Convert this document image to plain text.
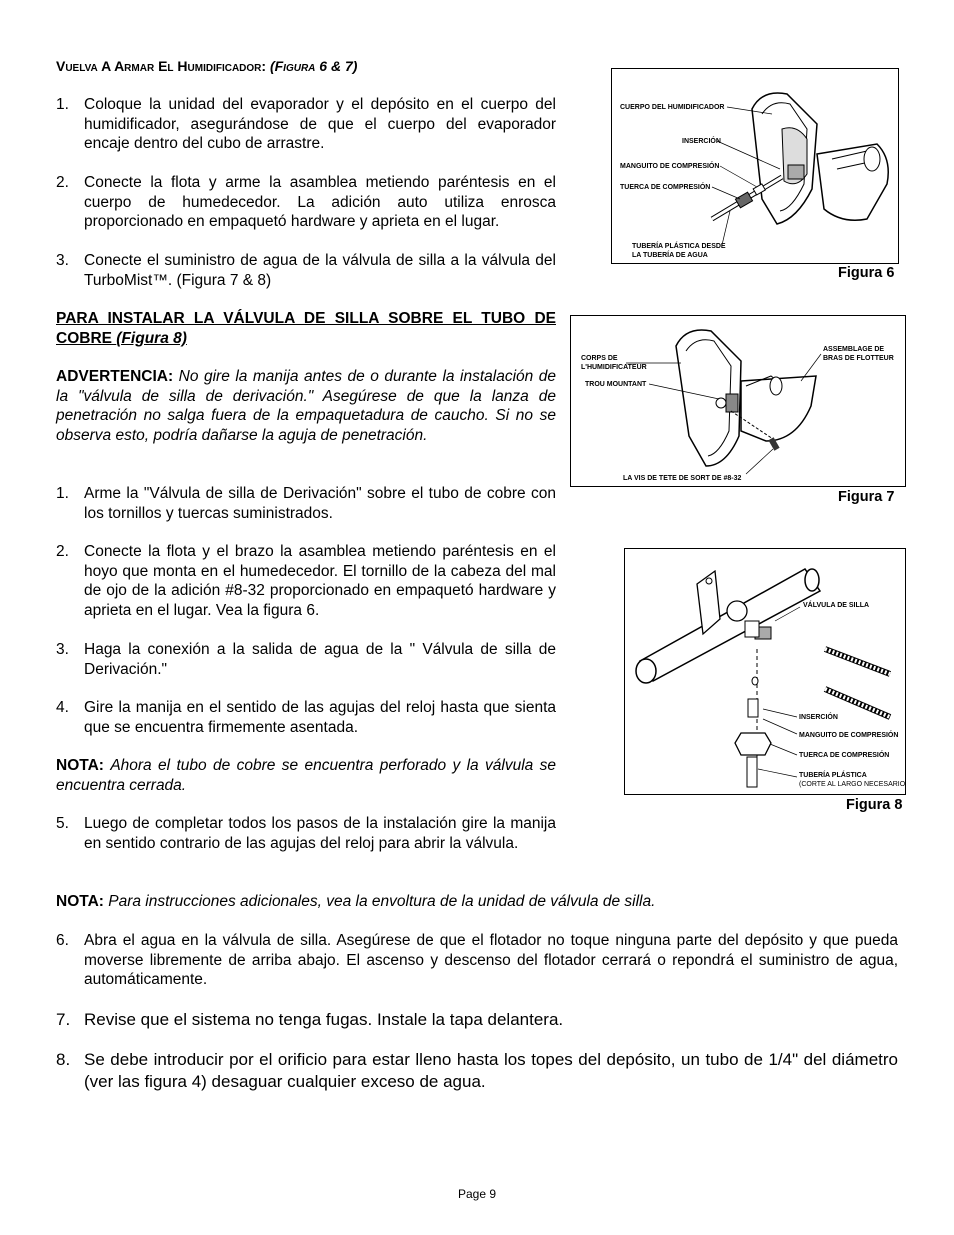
Vuelva A Armar El Humidificador: (Figura 6 & 7)
1. Coloque la unidad del evaporador y el depósito en el cuerpo del humidificador, asegurándose de que el cuerpo del evaporador encaje dentro del cubo de arrastre.
2. Conecte la flota y arme la asamblea metiendo paréntesis en el cuerpo de humedecedor. La adición auto utiliza enrosca proporcionado en empaquetó hardware y aprieta en el lugar.
3. Conecte el suministro de agua de la válvula de silla a la válvula del TurboMist™. (Figura 7 & 8)
PARA INSTALAR LA VÁLVULA DE SILLA SOBRE EL TUBO DE COBRE (Figura 8)
ADVERTENCIA: No gire la manija antes de o durante la instalación de la "válvula de silla de derivación." Asegúrese de que la lanza de penetración no salga fuera de la empaquetadura de caucho. Si no se observa esto, podría dañarse la aguja de penetración.
1. Arme la "Válvula de silla de Derivación" sobre el tubo de cobre con los tornillos y tuercas suministrados.
2. Conecte la flota y el brazo la asamblea metiendo paréntesis en el hoyo que monta en el humedecedor. El tornillo de la cabeza del mal de ojo de la adición #8-32 proporcionado en empaquetó hardware y aprieta en el lugar. Vea la figura 6.
3. Haga la conexión a la salida de agua de la " Válvula de silla de Derivación."
4. Gire la manija en el sentido de las agujas del reloj hasta que sienta que se encuentra firmemente asentada.
NOTA: Ahora el tubo de cobre se encuentra perforado y la válvula se encuentra cerrada.
5. Luego de completar todos los pasos de la instalación gire la manija en sentido contrario de las agujas del reloj para abrir la válvula.
NOTA: Para instrucciones adicionales, vea la envoltura de la unidad de válvula de silla.
6. Abra el agua en la válvula de silla. Asegúrese de que el flotador no toque ninguna parte del depósito y que pueda moverse libremente de arriba abajo. El ascenso y descenso del flotador cerrará o repondrá el suministro de agua, automáticamente.
7. Revise que el sistema no tenga fugas. Instale la tapa delantera.
8. Se debe introducir por el orificio para estar lleno hasta los topes del depósito, un tubo de 1/4" del diámetro (ver las figura 4) desaguar cualquier exceso de agua.
CUERPO DEL HUMIDIFICADOR
INSERCIÓN
MANGUITO DE COMPRESIÓN
TUERCA DE COMPRESIÓN
TUBERÍA PLÁSTICA DESDE
LA TUBERÍA DE AGUA
Figura 6
CORPS DE
L'HUMIDIFICATEUR
TROU MOUNTANT
ASSEMBLAGE DE
BRAS DE FLOTTEUR
LA VIS DE TETE DE SORT DE #8-32
Figura 7
VÁLVULA DE SILLA
INSERCIÓN
MANGUITO DE COMPRESIÓN
TUERCA DE COMPRESIÓN
TUBERÍA PLÁSTICA
(CORTE AL LARGO NECESARIO)
Figura 8
Page 9
